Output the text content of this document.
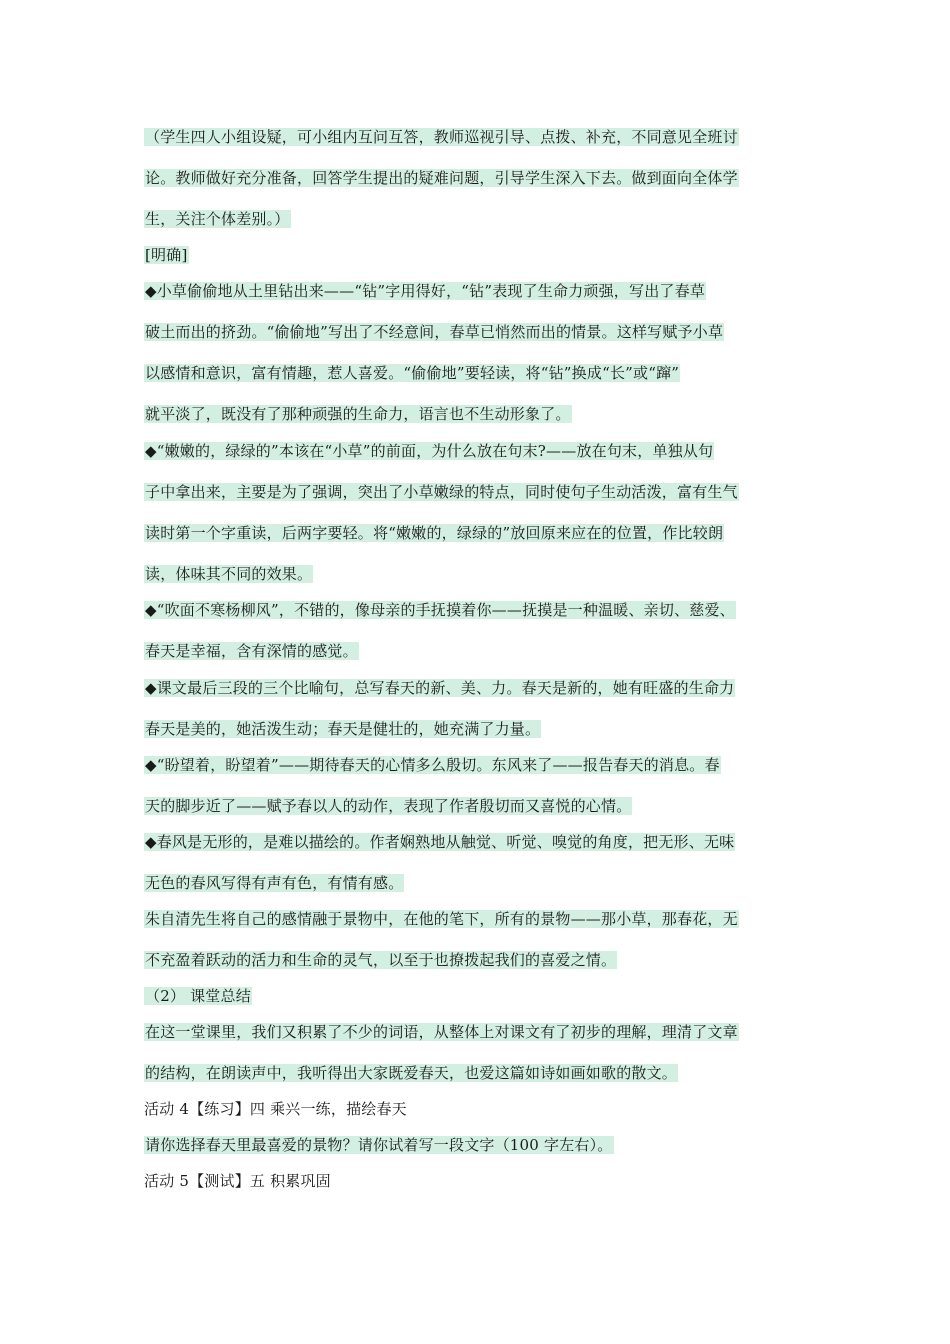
（学生四人小组设疑，可小组内互问互答，教师巡视引导、点拨、补充，不同意见全班讨
论。教师做好充分准备，回答学生提出的疑难问题，引导学生深入下去。做到面向全体学
生，关注个体差别。）
[明确]
◆小草偷偷地从土里钻出来——“钻”字用得好，“钻”表现了生命力顽强，写出了春草
破土而出的挤劲。“偷偷地”写出了不经意间，春草已悄然而出的情景。这样写赋予小草
以感情和意识，富有情趣，惹人喜爱。“偷偷地”要轻读，将“钻”换成“长”或“蹿”
就平淡了，既没有了那种顽强的生命力，语言也不生动形象了。
◆“嫩嫩的，绿绿的”本该在“小草”的前面，为什么放在句末?——放在句末，单独从句
子中拿出来，主要是为了强调，突出了小草嫩绿的特点，同时使句子生动活泼，富有生气
读时第一个字重读，后两字要轻。将“嫩嫩的，绿绿的”放回原来应在的位置，作比较朗
读，体味其不同的效果。
◆“吹面不寒杨柳风”，不错的，像母亲的手抚摸着你——抚摸是一种温暖、亲切、慈爱、
春天是幸福，含有深情的感觉。
◆课文最后三段的三个比喻句，总写春天的新、美、力。春天是新的，她有旺盛的生命力
春天是美的，她活泼生动；春天是健壮的，她充满了力量。
◆“盼望着，盼望着”——期待春天的心情多么殷切。东风来了——报告春天的消息。春
天的脚步近了——赋予春以人的动作，表现了作者殷切而又喜悦的心情。
◆春风是无形的，是难以描绘的。作者娴熟地从触觉、听觉、嗅觉的角度，把无形、无味
无色的春风写得有声有色，有情有感。
朱自清先生将自己的感情融于景物中，在他的笔下，所有的景物——那小草，那春花，无
不充盈着跃动的活力和生命的灵气，以至于也撩拨起我们的喜爱之情。
（2） 课堂总结
在这一堂课里，我们又积累了不少的词语，从整体上对课文有了初步的理解，理清了文章
的结构，在朗读声中，我听得出大家既爱春天，也爱这篇如诗如画如歌的散文。
活动 4【练习】四 乘兴一练，描绘春天
请你选择春天里最喜爱的景物？请你试着写一段文字（100 字左右）。
活动 5【测试】五 积累巩固
